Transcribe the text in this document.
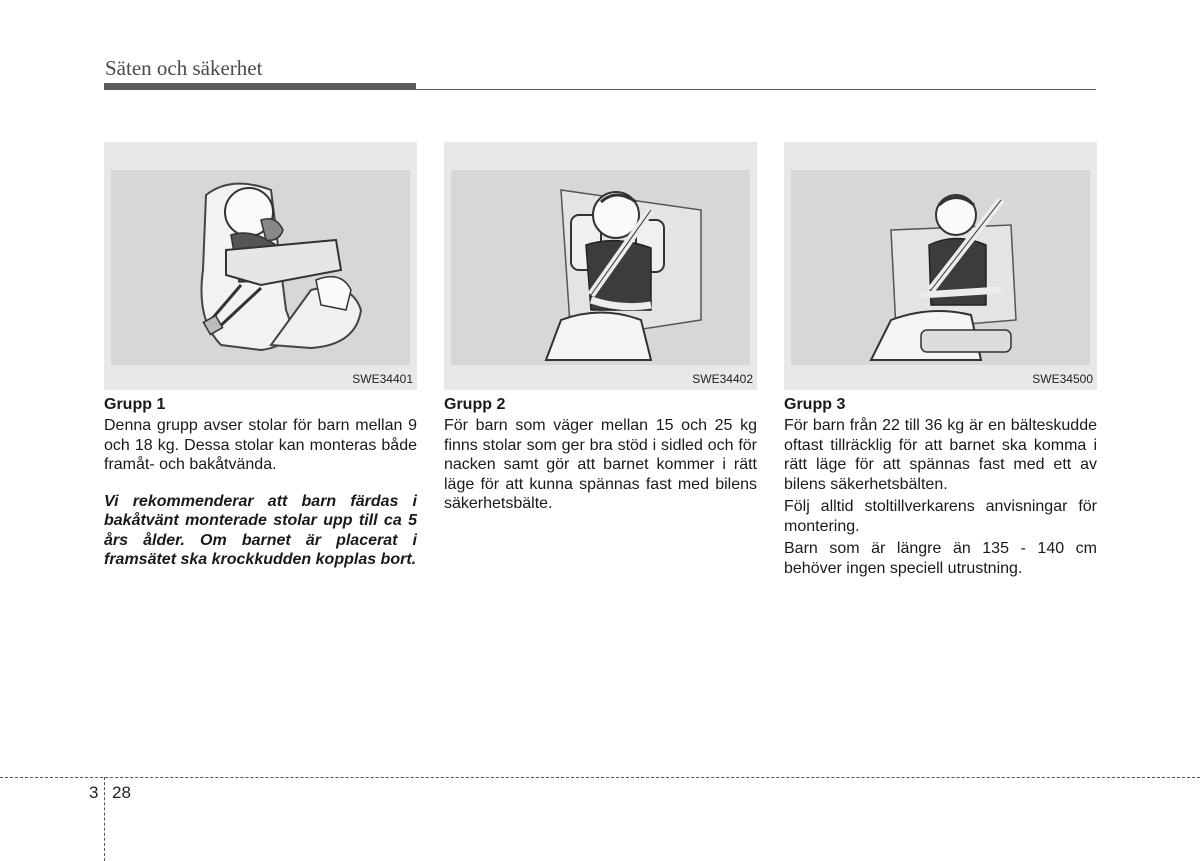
Säten och säkerhet
SWE34401
Grupp 1

Denna grupp avser stolar för barn mellan 9 och 18 kg. Dessa stolar kan monteras både framåt- och bakåtvända.

Vi rekommenderar att barn färdas i bakåtvänt monterade stolar upp till ca 5 års ålder. Om barnet är placerat i framsätet ska krockkudden kopplas bort.

SWE34402
Grupp 2

För barn som väger mellan 15 och 25 kg finns stolar som ger bra stöd i sidled och för nacken samt gör att barnet kommer i rätt läge för att kunna spännas fast med bilens säkerhetsbälte.

SWE34500
Grupp 3

För barn från 22 till 36 kg är en bälteskudde oftast tillräcklig för att barnet ska komma i rätt läge för att spännas fast med ett av bilens säkerhetsbälten.

Följ alltid stoltillverkarens anvisningar för montering.

Barn som är längre än 135 - 140 cm behöver ingen speciell utrustning.

3 28
